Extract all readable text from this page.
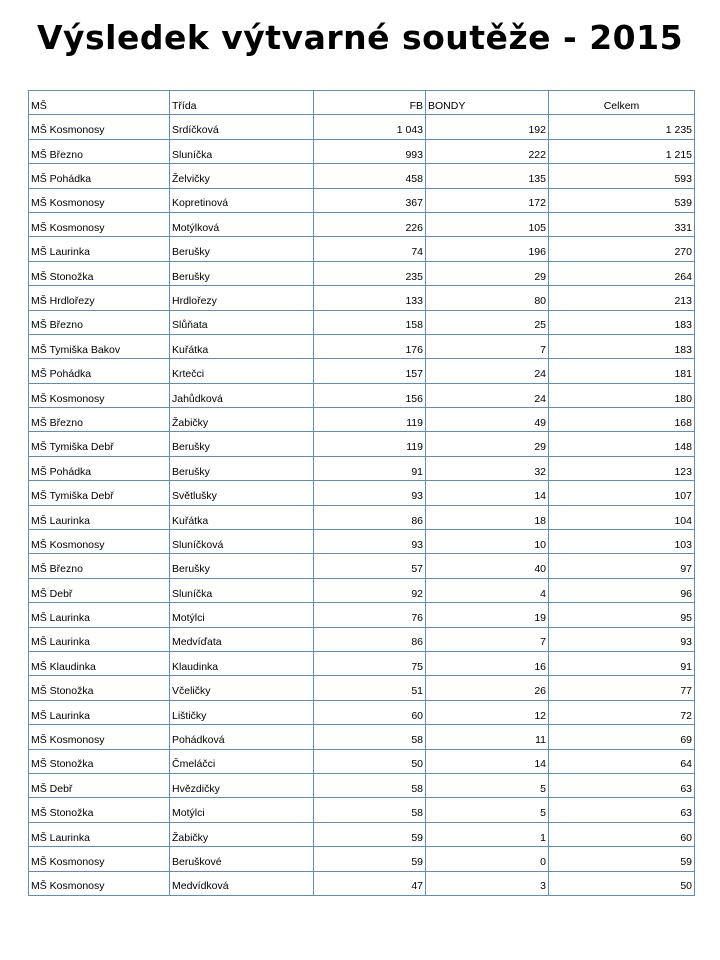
Výsledek výtvarné soutěže - 2015
MŠ	Třída	FB	BONDY	Celkem
MŠ Kosmonosy	Srdíčková	1 043	192	1 235
MŠ Březno	Sluníčka	993	222	1 215
MŠ Pohádka	Želvičky	458	135	593
MŠ Kosmonosy	Kopretinová	367	172	539
MŠ Kosmonosy	Motýlková	226	105	331
MŠ Laurinka	Berušky	74	196	270
MŠ Stonožka	Berušky	235	29	264
MŠ Hrdlořezy	Hrdlořezy	133	80	213
MŠ Březno	Slůňata	158	25	183
MŠ Tymiška Bakov	Kuřátka	176	7	183
MŠ Pohádka	Krtečci	157	24	181
MŠ Kosmonosy	Jahůdková	156	24	180
MŠ Březno	Žabičky	119	49	168
MŠ Tymiška Debř	Berušky	119	29	148
MŠ Pohádka	Berušky	91	32	123
MŠ Tymiška Debř	Světlušky	93	14	107
MŠ Laurinka	Kuřátka	86	18	104
MŠ Kosmonosy	Sluníčková	93	10	103
MŠ Březno	Berušky	57	40	97
MŠ Debř	Sluníčka	92	4	96
MŠ Laurinka	Motýlci	76	19	95
MŠ Laurinka	Medvíďata	86	7	93
MŠ Klaudinka	Klaudinka	75	16	91
MŠ Stonožka	Včeličky	51	26	77
MŠ Laurinka	Lištičky	60	12	72
MŠ Kosmonosy	Pohádková	58	11	69
MŠ Stonožka	Čmeláčci	50	14	64
MŠ Debř	Hvězdičky	58	5	63
MŠ Stonožka	Motýlci	58	5	63
MŠ Laurinka	Žabičky	59	1	60
MŠ Kosmonosy	Beruškové	59	0	59
MŠ Kosmonosy	Medvídková	47	3	50
